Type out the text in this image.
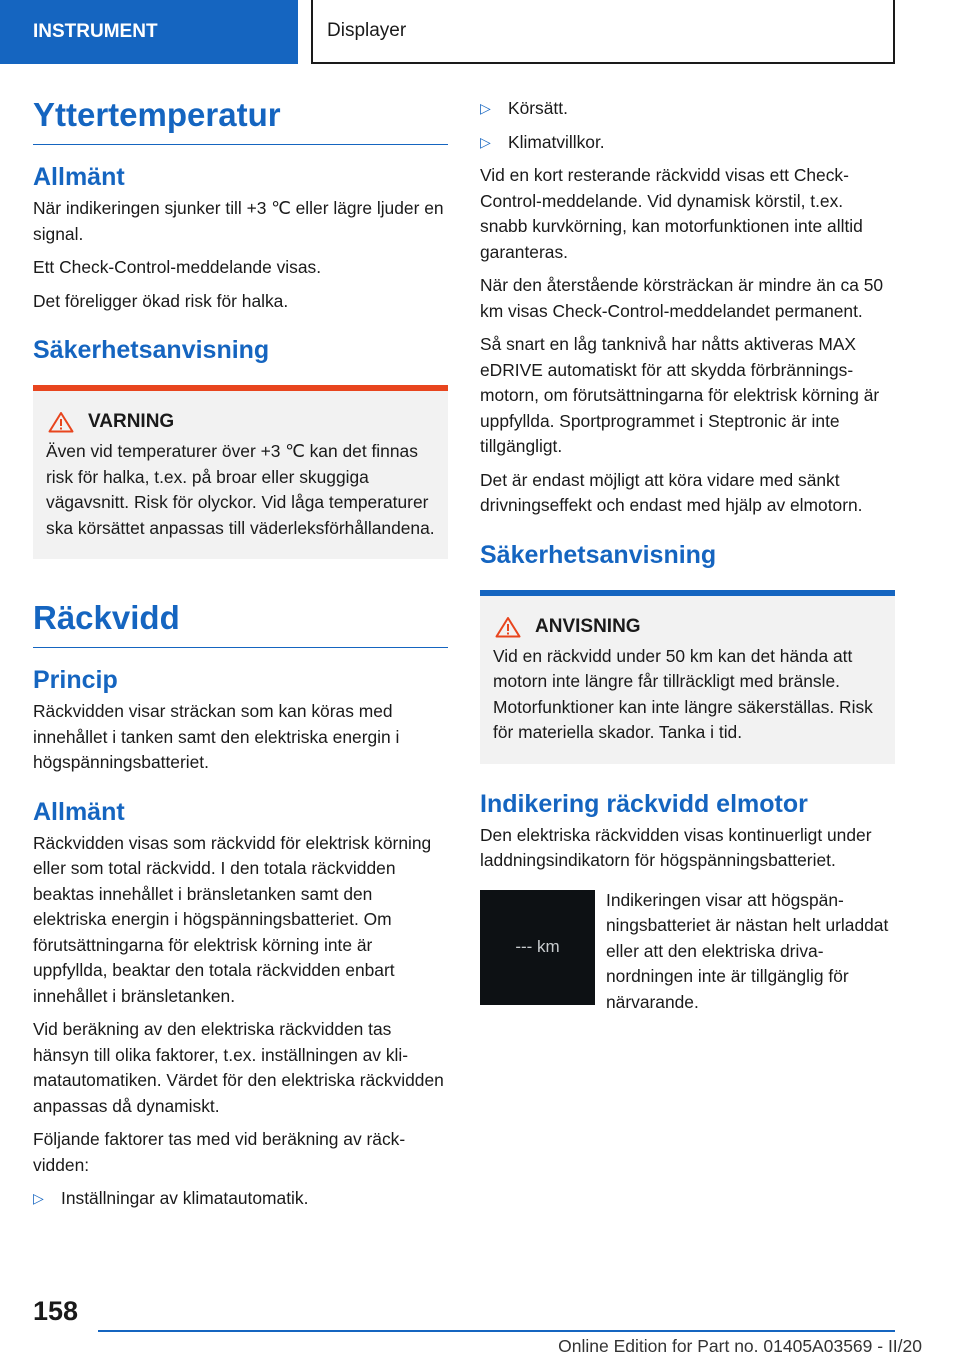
INSTRUMENT	Displayer
Yttertemperatur
Allmänt

När indikeringen sjunker till +3 ℃ eller lägre ljuder en signal.

Ett Check-Control-meddelande visas.

Det föreligger ökad risk för halka.

Säkerhetsanvisning
VARNING

Även vid temperaturer över +3 ℃ kan det finnas risk för halka, t.ex. på broar eller skuggiga vägavsnitt. Risk för olyckor. Vid låga temperaturer ska körsättet anpassas till väderleksförhållandena.

Räckvidd
Princip

Räckvidden visar sträckan som kan köras med innehållet i tanken samt den elektriska energin i högspänningsbatteriet.

Allmänt

Räckvidden visas som räckvidd för elektrisk körning eller som total räckvidd. I den totala räckvidden beaktas innehållet i bränsletanken samt den elektriska energin i högspänningsbatteriet. Om förutsättningarna för elektrisk körning inte är uppfyllda, beaktar den totala räckvidden enbart innehållet i bränsletanken.

Vid beräkning av den elektriska räckvidden tas hänsyn till olika faktorer, t.ex. inställningen av klimatautomatiken. Värdet för den elektriska räckvidden anpassas då dynamiskt.

Följande faktorer tas med vid beräkning av räckvidden:

▷ Inställningar av klimatautomatik.
▷ Körsätt.
▷ Klimatvillkor.

Vid en kort resterande räckvidd visas ett Check-Control-meddelande. Vid dynamisk körstil, t.ex. snabb kurvkörning, kan motorfunktionen inte alltid garanteras.

När den återstående körsträckan är mindre än ca 50 km visas Check-Control-meddelandet permanent.

Så snart en låg tanknivå har nåtts aktiveras MAX eDRIVE automatiskt för att skydda förbränningsmotorn, om förutsättningarna för elektrisk körning är uppfyllda. Sportprogrammet i Steptronic är inte tillgängligt.

Det är endast möjligt att köra vidare med sänkt drivningseffekt och endast med hjälp av elmotorn.

Säkerhetsanvisning
ANVISNING

Vid en räckvidd under 50 km kan det hända att motorn inte längre får tillräckligt med bränsle. Motorfunktioner kan inte längre säkerställas. Risk för materiella skador. Tanka i tid.

Indikering räckvidd elmotor

Den elektriska räckvidden visas kontinuerligt under laddningsindikatorn för högspänningsbatteriet.

--- km

Indikeringen visar att högspänningsbatteriet är nästan helt urladdat eller att den elektriska drivanordningen inte är tillgänglig för närvarande.

158
Online Edition for Part no. 01405A03569 - II/20
